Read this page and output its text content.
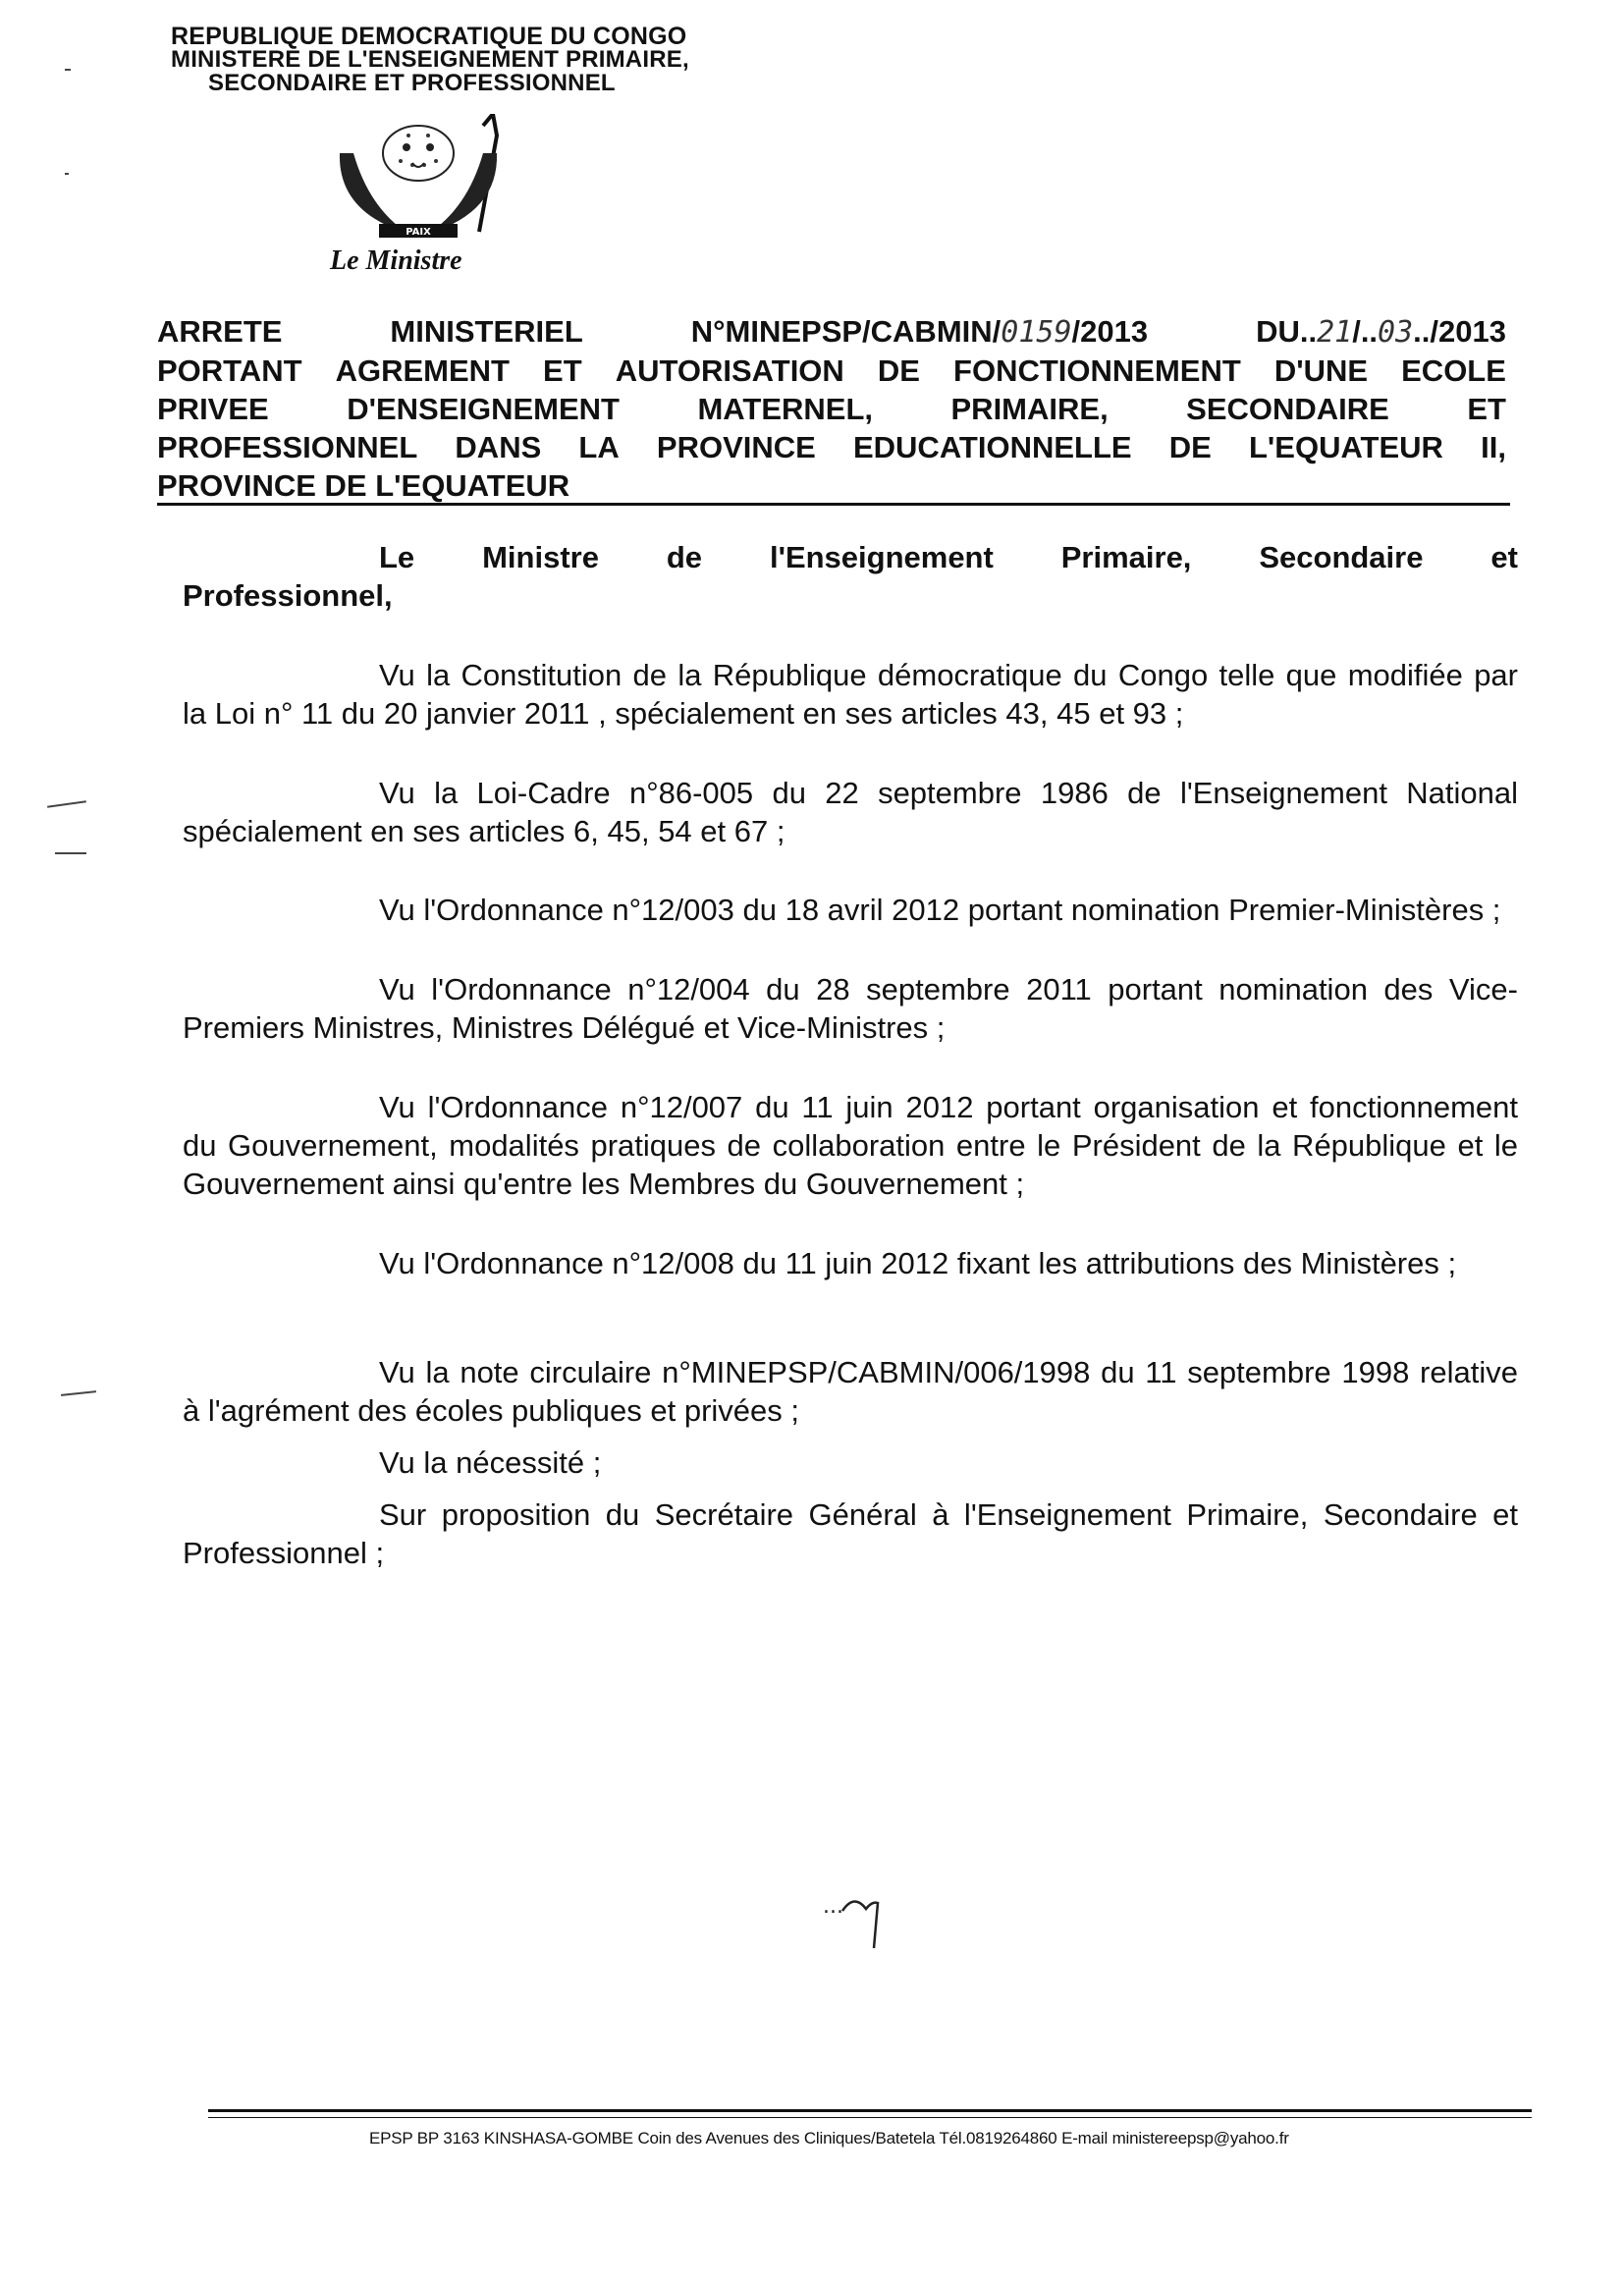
REPUBLIQUE DEMOCRATIQUE DU CONGO
MINISTERE DE L'ENSEIGNEMENT PRIMAIRE,
SECONDAIRE ET PROFESSIONNEL
PAIX
Le Ministre
ARRETE	MINISTERIEL	N°MINEPSP/CABMIN/0159/2013	DU..21/..03../2013
PORTANT AGREMENT ET AUTORISATION DE FONCTIONNEMENT D'UNE ECOLE
PRIVEE	D'ENSEIGNEMENT	MATERNEL,	PRIMAIRE,	SECONDAIRE	ET
PROFESSIONNEL DANS LA PROVINCE EDUCATIONNELLE DE L'EQUATEUR II,
PROVINCE DE L'EQUATEUR
Le Ministre de l'Enseignement Primaire, Secondaire et
Professionnel,

Vu la Constitution de la République démocratique du Congo telle que modifiée par la Loi n° 11 du 20 janvier 2011 , spécialement en ses articles 43, 45 et 93 ;

Vu la Loi-Cadre n°86-005 du 22 septembre 1986 de l'Enseignement National spécialement en ses articles 6, 45, 54 et 67 ;

Vu l'Ordonnance n°12/003 du 18 avril 2012 portant nomination Premier-Ministères ;

Vu l'Ordonnance n°12/004 du 28 septembre 2011 portant nomination des Vice-Premiers Ministres, Ministres Délégué et Vice-Ministres ;

Vu l'Ordonnance n°12/007 du 11 juin 2012 portant organisation et fonctionnement du Gouvernement, modalités pratiques de collaboration entre le Président de la République et le Gouvernement ainsi qu'entre les Membres du Gouvernement ;

Vu l'Ordonnance n°12/008 du 11 juin 2012 fixant les attributions des Ministères ;

Vu la note circulaire n°MINEPSP/CABMIN/006/1998 du 11 septembre 1998 relative à l'agrément des écoles publiques et privées ;

Vu la nécessité ;

Sur proposition du Secrétaire Général à l'Enseignement Primaire, Secondaire et Professionnel ;

...
EPSP BP 3163 KINSHASA-GOMBE Coin des Avenues des Cliniques/Batetela Tél.0819264860 E-mail ministereepsp@yahoo.fr
